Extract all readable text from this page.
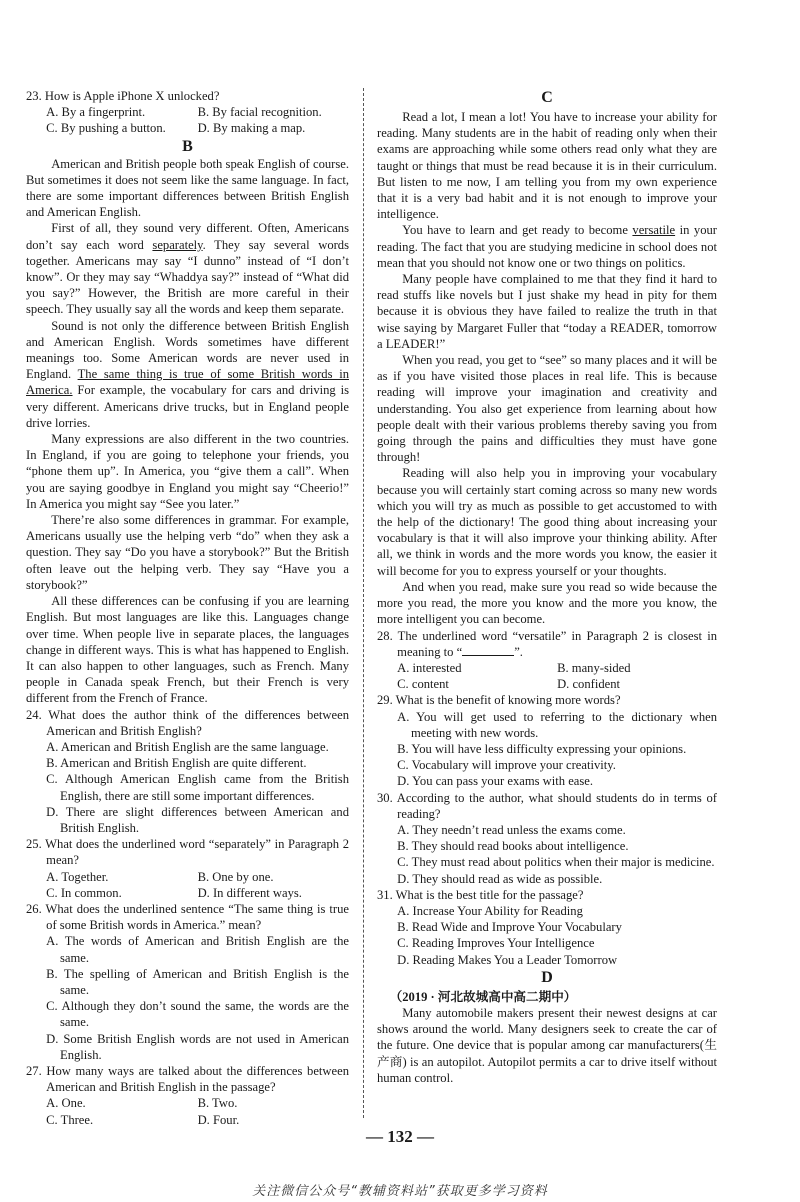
23. How is Apple iPhone X unlocked?

A. By a fingerprint.	B. By facial recognition.
C. By pushing a button.	D. By making a map.

B

American and British people both speak English of course. But sometimes it does not seem like the same language. In fact, there are some important differences between British English and American English.

First of all, they sound very different. Often, Americans don’t say each word separately. They say several words together. Americans may say “I dunno” instead of “I don’t know”. Or they may say “Whaddya say?” instead of “What did you say?” However, the British are more careful in their speech. They usually say all the words and keep them separate.

Sound is not only the difference between British English and American English. Words sometimes have different meanings too. Some American words are never used in England. The same thing is true of some British words in America. For example, the vocabulary for cars and driving is very different. Americans drive trucks, but in England people drive lorries.

Many expressions are also different in the two countries. In England, if you are going to telephone your friends, you “phone them up”. In America, you “give them a call”. When you are saying goodbye in England you might say “Cheerio!” In America you might say “See you later.”

There’re also some differences in grammar. For example, Americans usually use the helping verb “do” when they ask a question. They say “Do you have a storybook?” But the British often leave out the helping verb. They say “Have you a storybook?”

All these differences can be confusing if you are learning English. But most languages are like this. Languages change over time. When people live in separate places, the languages change in different ways. This is what has happened to English. It can also happen to other languages, such as French. Many people in Canada speak French, but their French is very different from the French of France.

24. What does the author think of the differences between American and British English?

A. American and British English are the same language.

B. American and British English are quite different.

C. Although American English came from the British English, there are still some important differences.

D. There are slight differences between American and British English.

25. What does the underlined word “separately” in Paragraph 2 mean?

A. Together.	B. One by one.
C. In common.	D. In different ways.

26. What does the underlined sentence “The same thing is true of some British words in America.” mean?

A. The words of American and British English are the same.

B. The spelling of American and British English is the same.

C. Although they don’t sound the same, the words are the same.

D. Some British English words are not used in American English.

27. How many ways are talked about the differences between American and British English in the passage?

A. One.	B. Two.
C. Three.	D. Four.

C

Read a lot, I mean a lot! You have to increase your ability for reading. Many students are in the habit of reading only when their exams are approaching while some others read only what they are taught or things that must be read because it is in their curriculum. But listen to me now, I am telling you from my own experience that it is a very bad habit and it is not enough to improve your intelligence.

You have to learn and get ready to become versatile in your reading. The fact that you are studying medicine in school does not mean that you should not know one or two things on politics.

Many people have complained to me that they find it hard to read stuffs like novels but I just shake my head in pity for them because it is obvious they have failed to realize the truth in that wise saying by Margaret Fuller that “today a READER, tomorrow a LEADER!”

When you read, you get to “see” so many places and it will be as if you have visited those places in real life. This is because reading will improve your imagination and creativity and understanding. You also get experience from learning about how people dealt with their various problems thereby saving you from going through the pains and difficulties they must have gone through!

Reading will also help you in improving your vocabulary because you will certainly start coming across so many new words which you will try as much as possible to get accustomed to with the help of the dictionary! The good thing about increasing your vocabulary is that it will also improve your thinking ability. After all, we think in words and the more words you know, the easier it will become for you to express yourself or your thoughts.

And when you read, make sure you read so wide because the more you read, the more you know and the more you know, the more intelligent you can become.

28. The underlined word “versatile” in Paragraph 2 is closest in meaning to “	”.

A. interested	B. many-sided
C. content	D. confident

29. What is the benefit of knowing more words?

A. You will get used to referring to the dictionary when meeting with new words.

B. You will have less difficulty expressing your opinions.

C. Vocabulary will improve your creativity.

D. You can pass your exams with ease.

30. According to the author, what should students do in terms of reading?

A. They needn’t read unless the exams come.

B. They should read books about intelligence.

C. They must read about politics when their major is medicine.

D. They should read as wide as possible.

31. What is the best title for the passage?

A. Increase Your Ability for Reading

B. Read Wide and Improve Your Vocabulary

C. Reading Improves Your Intelligence

D. Reading Makes You a Leader Tomorrow

D

（2019 · 河北故城高中高二期中）

Many automobile makers present their newest designs at car shows around the world. Many designers seek to create the car of the future. One device that is popular among car manufacturers(生产商) is an autopilot. Autopilot permits a car to drive itself without human control.

— 132 —
关注微信公众号“教辅资料站”获取更多学习资料
